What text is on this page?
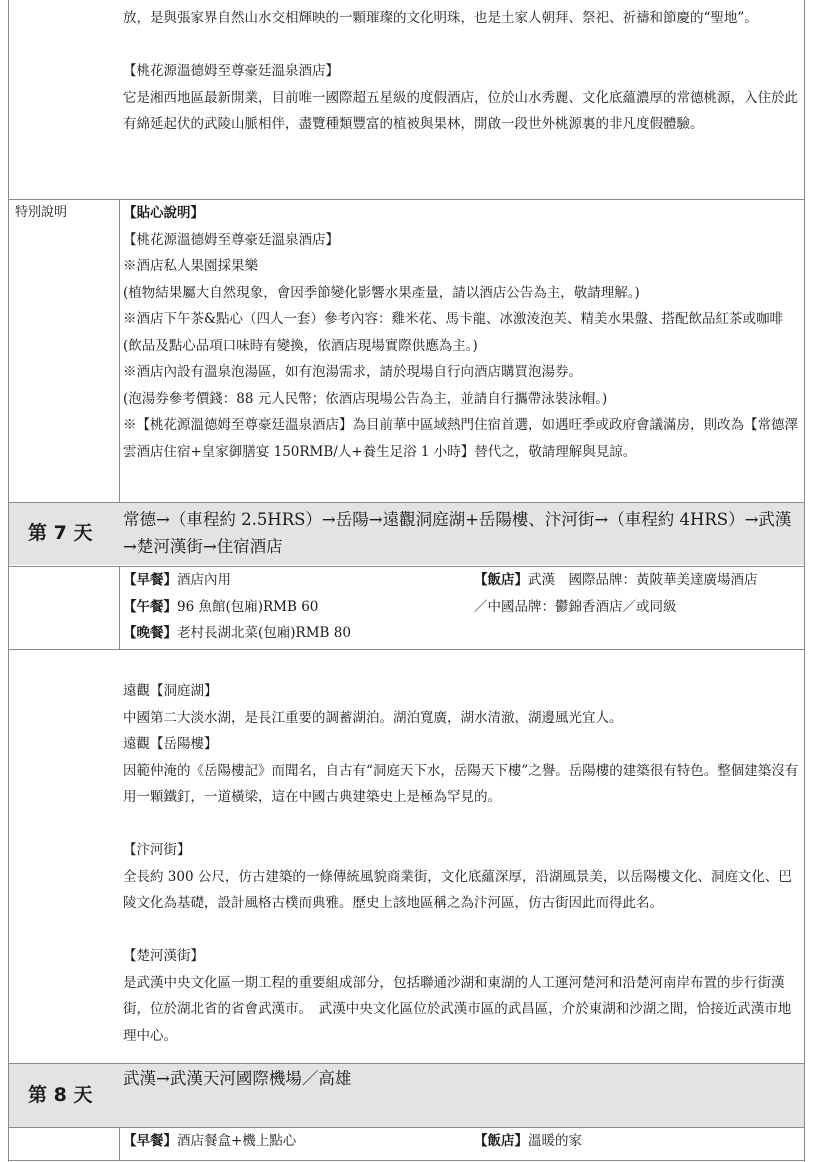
放，是與張家界自然山水交相輝映的一顆璀璨的文化明珠，也是土家人朝拜、祭祀、祈禱和節慶的“聖地”。

【桃花源溫德姆至尊豪廷溫泉酒店】

它是湘西地區最新開業，目前唯一國際超五星級的度假酒店，位於山水秀麗、文化底蘊濃厚的常德桃源，入住於此有綿延起伏的武陵山脈相伴，盡覽種類豐富的植被與果林，開啟一段世外桃源裏的非凡度假體驗。

特別說明	【貼心說明】

【桃花源溫德姆至尊豪廷溫泉酒店】

※酒店私人果園採果樂

(植物結果屬大自然現象，會因季節變化影響水果產量，請以酒店公告為主，敬請理解。)

※酒店下午茶&點心（四人一套）參考內容：雞米花、馬卡龍、冰激淩泡芙、精美水果盤、搭配飲品紅茶或咖啡

(飲品及點心品項口味時有變換，依酒店現場實際供應為主。)

※酒店內設有溫泉泡湯區，如有泡湯需求，請於現場自行向酒店購買泡湯券。

(泡湯券參考價錢：88 元人民幣；依酒店現場公告為主，並請自行攜帶泳裝泳帽。)

※【桃花源溫德姆至尊豪廷溫泉酒店】為目前華中區域熱門住宿首選，如遇旺季或政府會議滿房，則改為【常德澤雲酒店住宿+皇家御膳宴 150RMB/人+養生足浴 1 小時】替代之，敬請理解與見諒。

第 7 天
常德→（車程約 2.5HRS）→岳陽→遠觀洞庭湖+岳陽樓、汴河街→（車程約 4HRS）→武漢→楚河漢街→住宿酒店

【早餐】酒店內用

【午餐】96 魚館(包廂)RMB 60

【晚餐】老村長湖北菜(包廂)RMB 80

【飯店】武漢　國際品牌：黃陂華美達廣場酒店

／中國品牌：鬱錦香酒店／或同級

遠觀【洞庭湖】

中國第二大淡水湖，是長江重要的調蓄湖泊。湖泊寬廣，湖水清澈，湖邊風光宜人。

遠觀【岳陽樓】

因範仲淹的《岳陽樓記》而聞名，自古有“洞庭天下水，岳陽天下樓”之譽。岳陽樓的建築很有特色。整個建築沒有用一顆鐵釘，一道橫梁，這在中國古典建築史上是極為罕見的。

【汴河街】

全長約 300 公尺，仿古建築的一條傳統風貌商業街，文化底蘊深厚，沿湖風景美，以岳陽樓文化、洞庭文化、巴陵文化為基礎，設計風格古樸而典雅。歷史上該地區稱之為汴河區，仿古街因此而得此名。

【楚河漢街】

是武漢中央文化區一期工程的重要組成部分，包括聯通沙湖和東湖的人工運河楚河和沿楚河南岸布置的步行街漢街，位於湖北省的省會武漢市。　武漢中央文化區位於武漢市區的武昌區，介於東湖和沙湖之間，恰接近武漢市地理中心。

第 8 天
武漢→武漢天河國際機場／高雄

【早餐】酒店餐盒+機上點心	【飯店】溫暖的家
